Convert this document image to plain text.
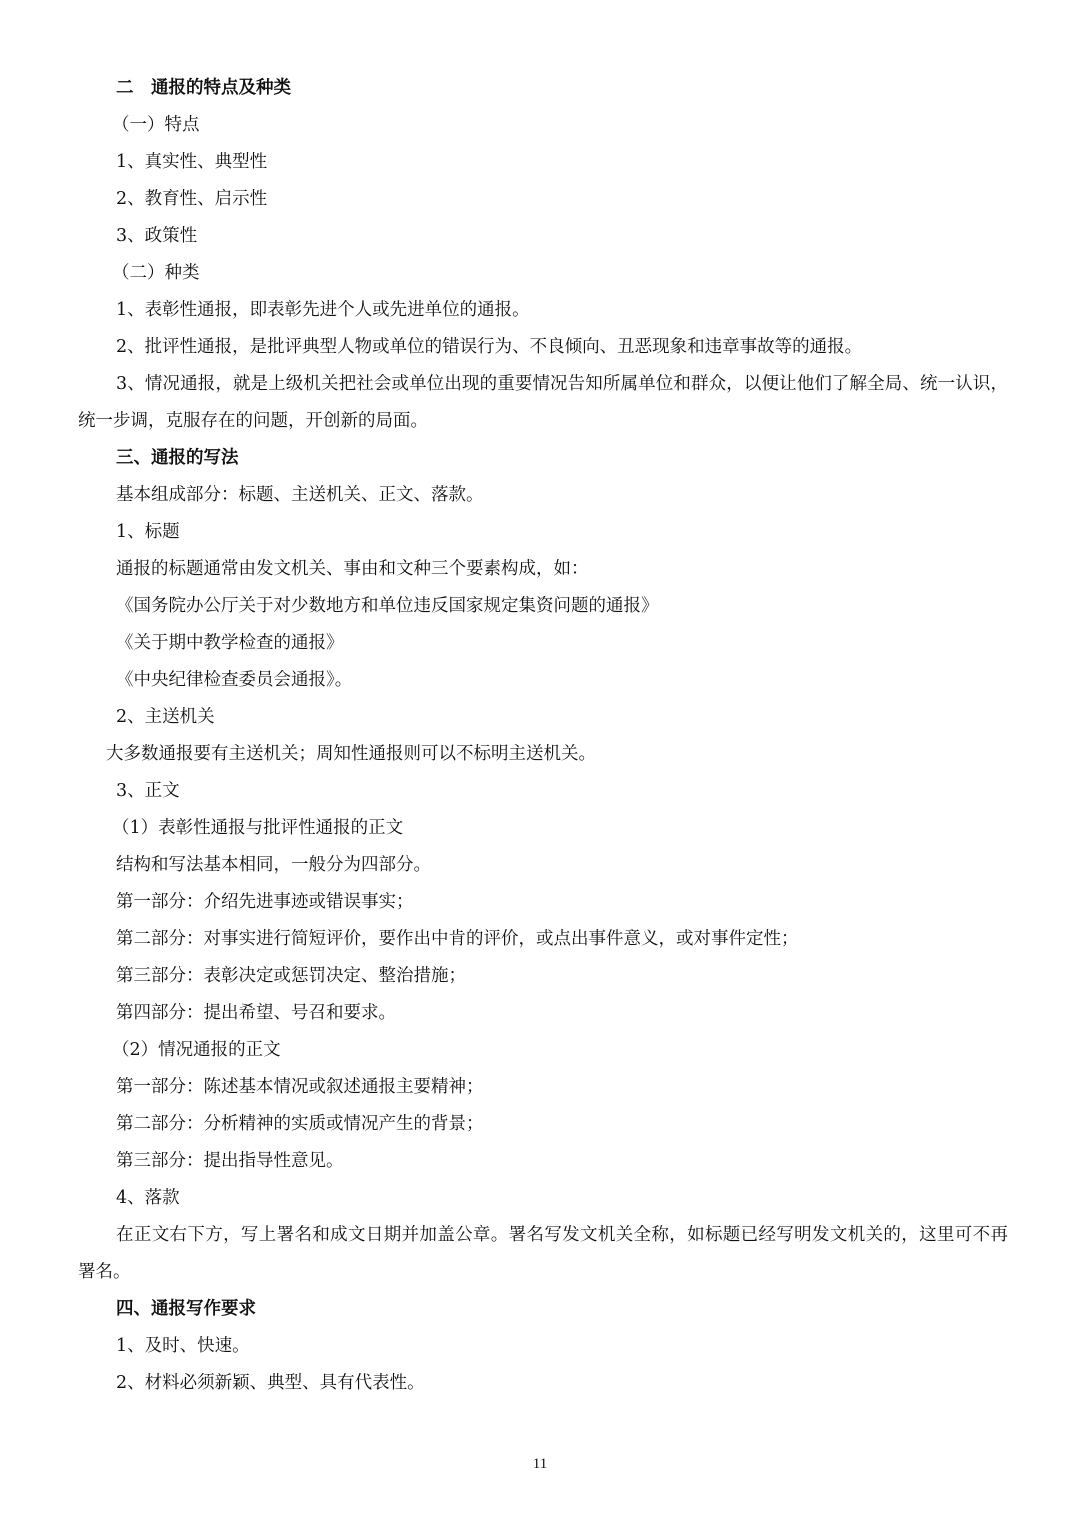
二　通报的特点及种类

（一）特点

1、真实性、典型性

2、教育性、启示性

3、政策性

（二）种类

1、表彰性通报，即表彰先进个人或先进单位的通报。

2、批评性通报，是批评典型人物或单位的错误行为、不良倾向、丑恶现象和违章事故等的通报。

3、情况通报，就是上级机关把社会或单位出现的重要情况告知所属单位和群众，以便让他们了解全局、统一认识，统一步调，克服存在的问题，开创新的局面。

三、通报的写法

基本组成部分：标题、主送机关、正文、落款。

1、标题

通报的标题通常由发文机关、事由和文种三个要素构成，如：

《国务院办公厅关于对少数地方和单位违反国家规定集资问题的通报》

《关于期中教学检查的通报》

《中央纪律检查委员会通报》。

2、主送机关

大多数通报要有主送机关；周知性通报则可以不标明主送机关。

3、正文

（1）表彰性通报与批评性通报的正文

结构和写法基本相同，一般分为四部分。

第一部分：介绍先进事迹或错误事实；

第二部分：对事实进行简短评价，要作出中肯的评价，或点出事件意义，或对事件定性；

第三部分：表彰决定或惩罚决定、整治措施；

第四部分：提出希望、号召和要求。

（2）情况通报的正文

第一部分：陈述基本情况或叙述通报主要精神；

第二部分：分析精神的实质或情况产生的背景；

第三部分：提出指导性意见。

4、落款

在正文右下方，写上署名和成文日期并加盖公章。署名写发文机关全称，如标题已经写明发文机关的，这里可不再署名。

四、通报写作要求

1、及时、快速。

2、材料必须新颖、典型、具有代表性。

11
